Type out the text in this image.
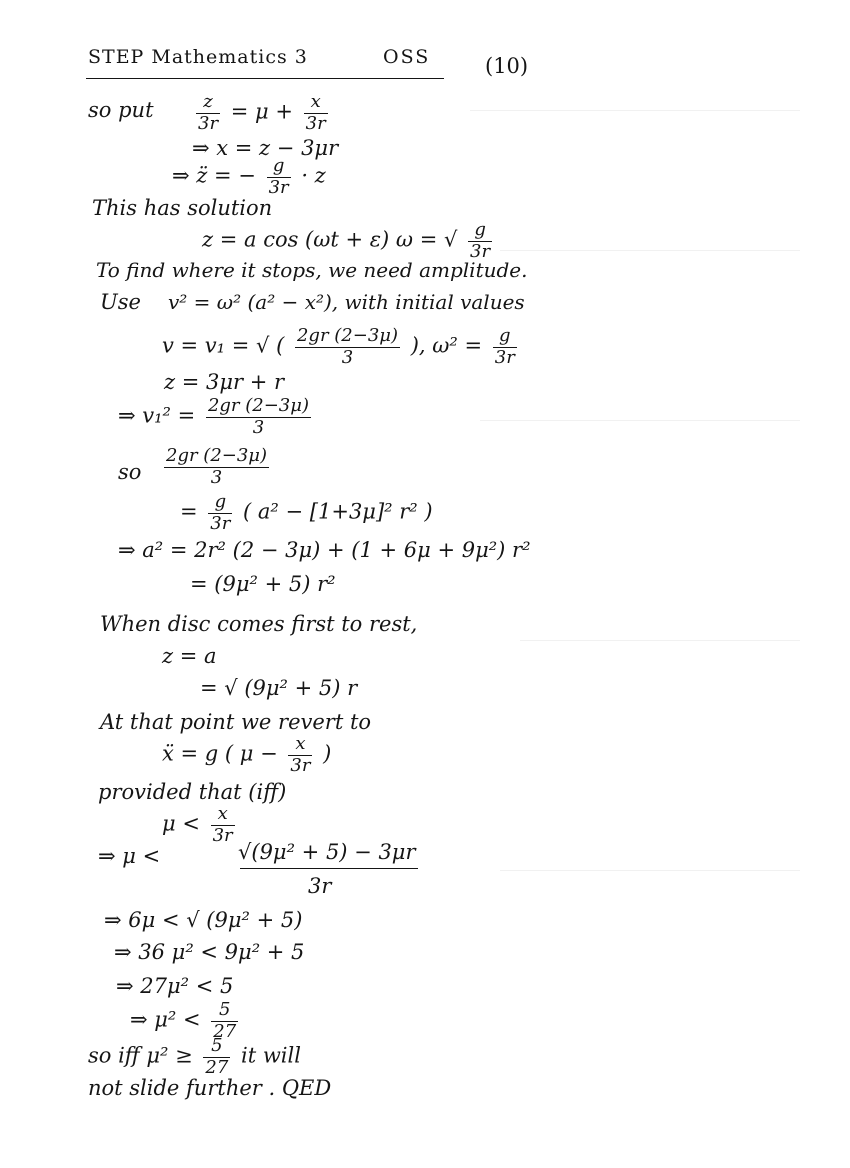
STEP Mathematics 3	OSS	(10)
so put $\frac{z}{3r} = \mu + \frac{x}{3r}$
⇒ x = z − 3μr
⇒ z̈ = − $\frac{g}{3r} \cdot z$
This has solution
z = a cos (ωt + ε) ω = √ $\frac{g}{3r}$
To find where it stops, we need amplitude.
Use v² = ω² (a² − x²), with initial values
v = v₁ = √ ( $\frac{2gr (2-3\mu)}{3}$ ), $\omega^2 = \frac{g}{3r}$
z = 3μr + r
⇒ $v_1^2 = \frac{2gr (2-3\mu)}{3}$
so $\frac{2gr (2-3\mu)}{3}$
= $\frac{g}{3r}$ ( a² − [1+3μ]² r² )
⇒ a² = 2r² (2 − 3μ) + (1 + 6μ + 9μ²) r²
= (9μ² + 5) r²
When disc comes first to rest,
z = a
= √ (9μ² + 5) r
At that point we revert to
ẍ = g ( $\mu - \frac{x}{3r}$ )
provided that (iff)
$\mu < \frac{x}{3r}$
⇒ μ <	√(9μ² + 5) − 3μr
3r
⇒ 6μ < √ (9μ² + 5)
⇒ 36 μ² < 9μ² + 5
⇒ 27μ² < 5
⇒ $\mu^2 < \frac{5}{27}$
so iff $\mu^2 \ge \frac{5}{27}$ it will
not slide further . QED
